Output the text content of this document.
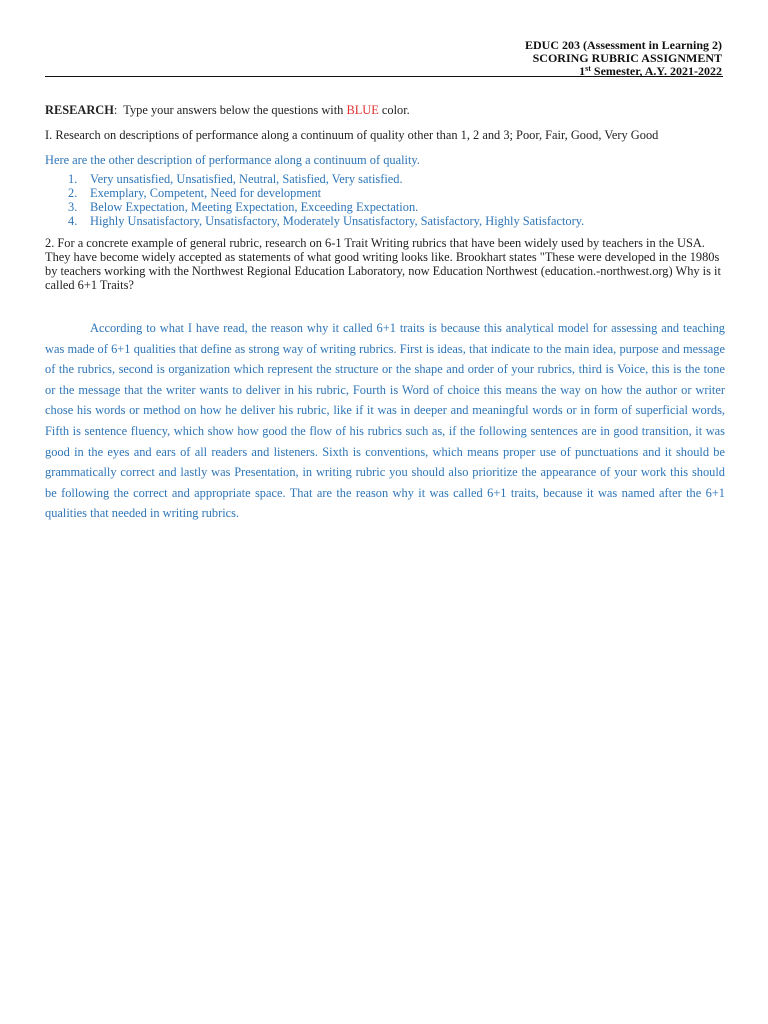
EDUC 203 (Assessment in Learning 2)
SCORING RUBRIC ASSIGNMENT
1st Semester, A.Y. 2021-2022

RESEARCH:  Type your answers below the questions with BLUE color.

I. Research on descriptions of performance along a continuum of quality other than 1, 2 and 3; Poor, Fair, Good, Very Good

Here are the other description of performance along a continuum of quality.

1. Very unsatisfied, Unsatisfied, Neutral, Satisfied, Very satisfied.
2. Exemplary, Competent, Need for development
3. Below Expectation, Meeting Expectation, Exceeding Expectation.
4. Highly Unsatisfactory, Unsatisfactory, Moderately Unsatisfactory, Satisfactory, Highly Satisfactory.

2. For a concrete example of general rubric, research on 6-1 Trait Writing rubrics that have been widely used by teachers in the USA. They have become widely accepted as statements of what good writing looks like. Brookhart states "These were developed in the 1980s by teachers working with the Northwest Regional Education Laboratory, now Education Northwest (education.-northwest.org) Why is it called 6+1 Traits?

According to what I have read, the reason why it called 6+1 traits is because this analytical model for assessing and teaching was made of 6+1 qualities that define as strong way of writing rubrics. First is ideas, that indicate to the main idea, purpose and message of the rubrics, second is organization which represent the structure or the shape and order of your rubrics, third is Voice, this is the tone or the message that the writer wants to deliver in his rubric, Fourth is Word of choice this means the way on how the author or writer chose his words or method on how he deliver his rubric, like if it was in deeper and meaningful words or in form of superficial words, Fifth is sentence fluency, which show how good the flow of his rubrics such as, if the following sentences are in good transition, it was good in the eyes and ears of all readers and listeners. Sixth is conventions, which means proper use of punctuations and it should be grammatically correct and lastly was Presentation, in writing rubric you should also prioritize the appearance of your work this should be following the correct and appropriate space. That are the reason why it was called 6+1 traits, because it was named after the 6+1 qualities that needed in writing rubrics.
